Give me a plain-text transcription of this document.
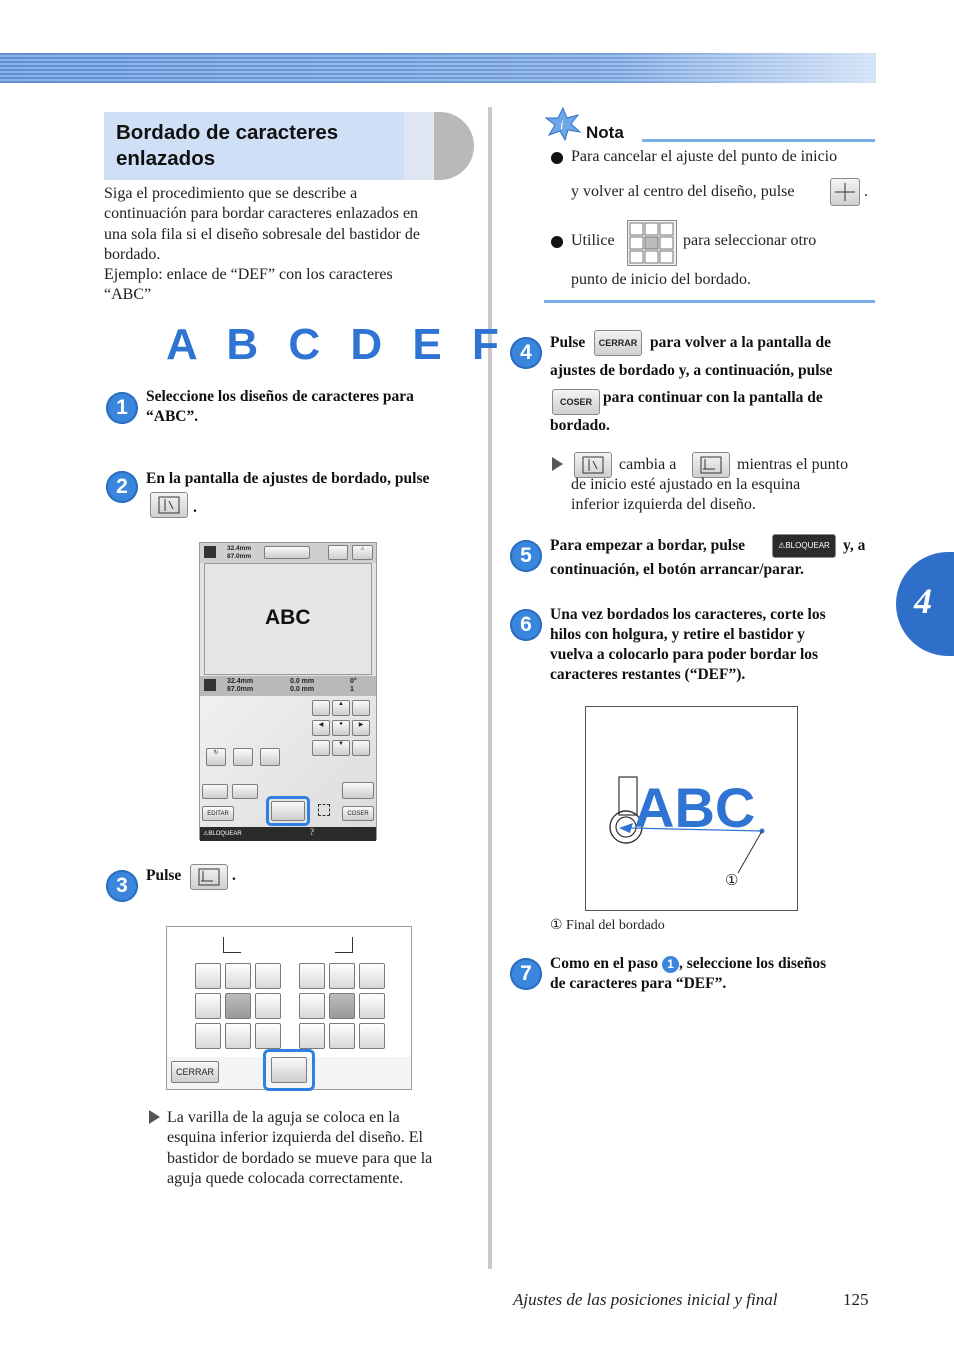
4
Bordado de caracteres
enlazados
Siga el procedimiento que se describe a
continuación para bordar caracteres enlazados en
una sola fila si el diseño sobresale del bastidor de
bordado.
Ejemplo: enlace de “DEF” con los caracteres
“ABC”
A B C D E F
1	Seleccione los diseños de caracteres para
“ABC”.
2	En la pantalla de ajustes de bordado, pulse
.
32.4mm
87.0mm
⌂
ABC
32.4mm
87.0mm
0.0 mm
0.0 mm
0°
1
▲
◀	●	▶
▼
↻
EDITAR	COSER
⚠BLOQUEAR	?
3	Pulse	.
CERRAR
La varilla de la aguja se coloca en la
esquina inferior izquierda del diseño. El
bastidor de bordado se mueve para que la
aguja quede colocada correctamente.
i Nota
Para cancelar el ajuste del punto de inicio
y volver al centro del diseño, pulse	.
Utilice	para seleccionar otro
punto de inicio del bordado.
4	Pulse	CERRAR para volver a la pantalla de
ajustes de bordado y, a continuación, pulse
COSER para continuar con la pantalla de
bordado.
cambia a	mientras el punto
de inicio esté ajustado en la esquina
inferior izquierda del diseño.
5	Para empezar a bordar, pulse	⚠BLOQUEAR y, a
continuación, el botón arrancar/parar.
6	Una vez bordados los caracteres, corte los
hilos con holgura, y retire el bastidor y
vuelva a colocarlo para poder bordar los
caracteres restantes (“DEF”).
ABC
①
① Final del bordado
7	Como en el paso 1 , seleccione los diseños
de caracteres para “DEF”.
Ajustes de las posiciones inicial y final	125
